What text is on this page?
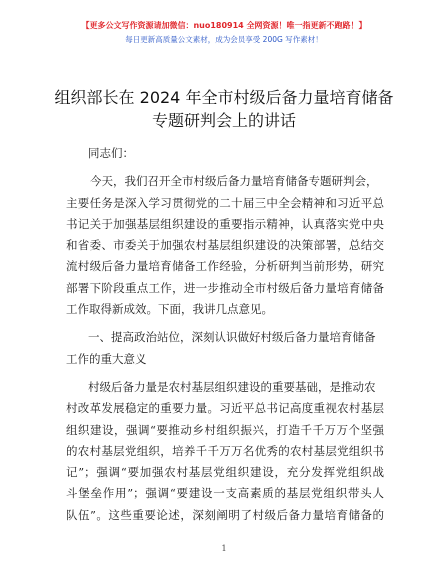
【更多公文写作资源请加微信：nuo180914 全网资源！唯一指更新不跑路！】
每日更新高质量公文素材，成为会员享受 200G 写作素材！
组织部长在 2024 年全市村级后备力量培育储备
专题研判会上的讲话
同志们：
今天，我们召开全市村级后备力量培育储备专题研判会，
主要任务是深入学习贯彻党的二十届三中全会精神和习近平总
书记关于加强基层组织建设的重要指示精神，认真落实党中央
和省委、市委关于加强农村基层组织建设的决策部署，总结交
流村级后备力量培育储备工作经验，分析研判当前形势，研究
部署下阶段重点工作，进一步推动全市村级后备力量培育储备
工作取得新成效。下面，我讲几点意见。
一、提高政治站位，深刻认识做好村级后备力量培育储备
工作的重大意义
村级后备力量是农村基层组织建设的重要基础，是推动农
村改革发展稳定的重要力量。习近平总书记高度重视农村基层
组织建设，强调“要推动乡村组织振兴，打造千千万万个坚强
的农村基层党组织，培养千千万万名优秀的农村基层党组织书
记”；强调“要加强农村基层党组织建设，充分发挥党组织战
斗堡垒作用”；强调“要建设一支高素质的基层党组织带头人
队伍”。这些重要论述，深刻阐明了村级后备力量培育储备的
1
